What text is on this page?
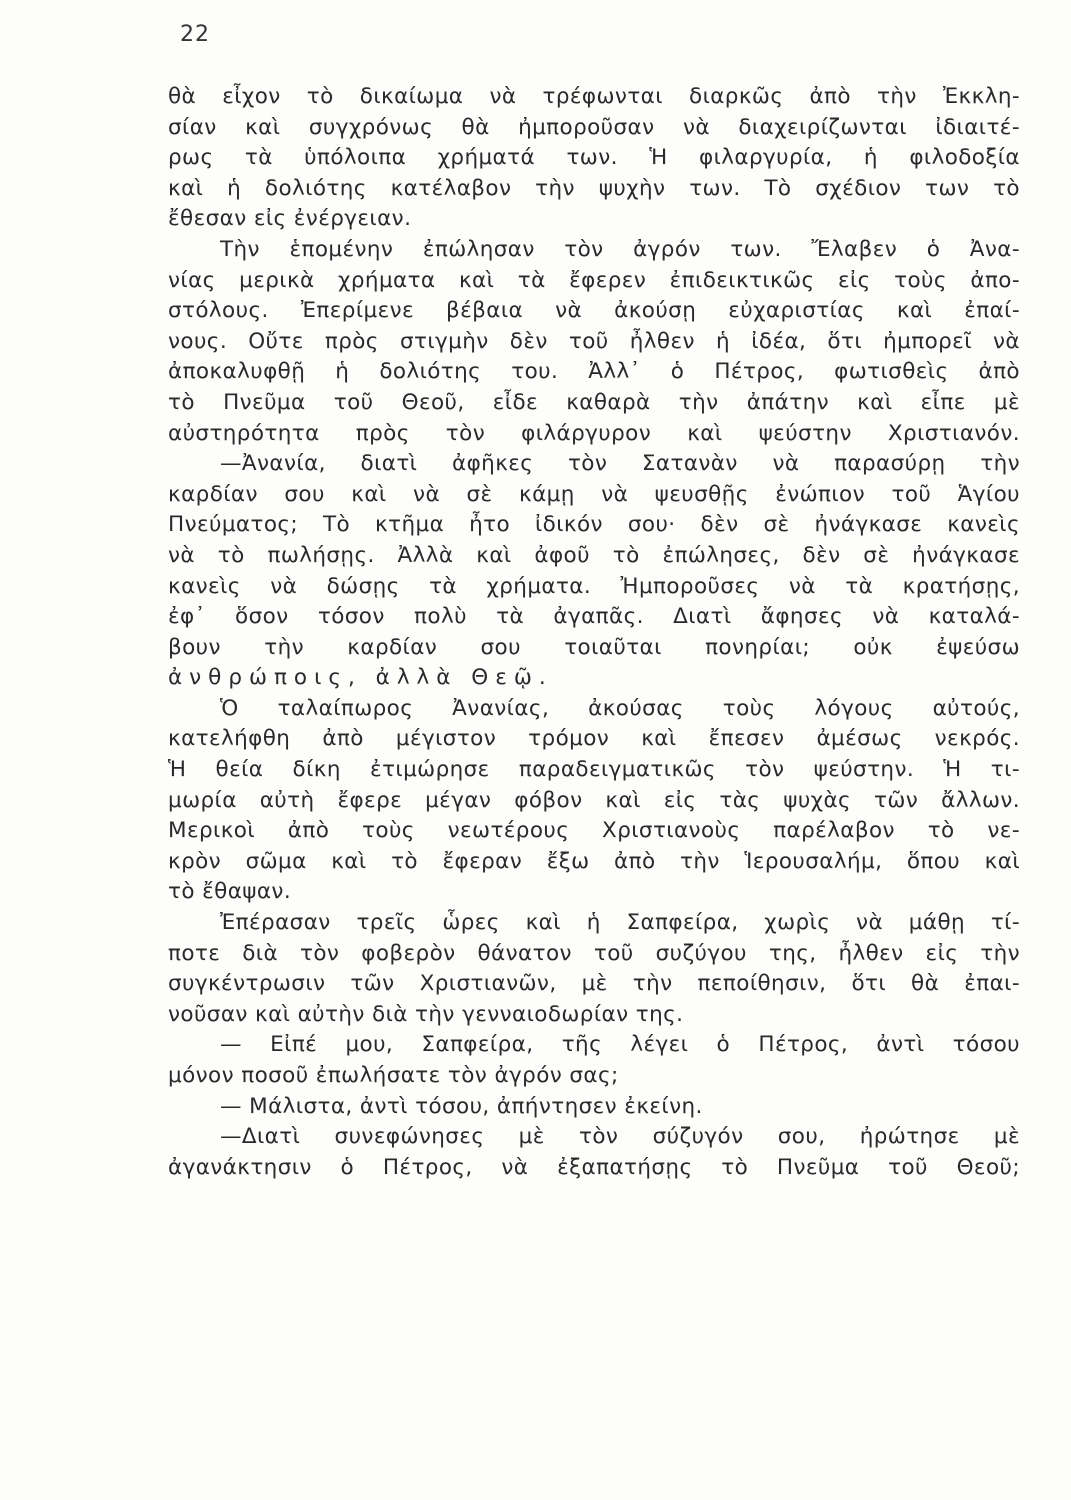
22
θὰ εἶχον τὸ δικαίωμα νὰ τρέφωνται διαρκῶς ἀπὸ τὴν Ἐκκλη-
σίαν καὶ συγχρόνως θὰ ἠμποροῦσαν νὰ διαχειρίζωνται ἰδιαιτέ-
ρως τὰ ὑπόλοιπα χρήματά των. Ἡ φιλαργυρία, ἡ φιλοδοξία
καὶ ἡ δολιότης κατέλαβον τὴν ψυχὴν των. Τὸ σχέδιον των τὸ
ἔθεσαν εἰς ἐνέργειαν.
Τὴν ἑπομένην ἐπώλησαν τὸν ἀγρόν των. Ἔλαβεν ὁ Ἀνα-
νίας μερικὰ χρήματα καὶ τὰ ἔφερεν ἐπιδεικτικῶς εἰς τοὺς ἀπο-
στόλους. Ἐπερίμενε βέβαια νὰ ἀκούσῃ εὐχαριστίας καὶ ἐπαί-
νους. Οὔτε πρὸς στιγμὴν δὲν τοῦ ἦλθεν ἡ ἰδέα, ὅτι ἠμπορεῖ νὰ
ἀποκαλυφθῇ ἡ δολιότης του. Ἀλλ᾽ ὁ Πέτρος, φωτισθεὶς ἀπὸ
τὸ Πνεῦμα τοῦ Θεοῦ, εἶδε καθαρὰ τὴν ἀπάτην καὶ εἶπε μὲ
αὐστηρότητα πρὸς τὸν φιλάργυρον καὶ ψεύστην Χριστιανόν.
—Ἀνανία, διατὶ ἀφῆκες τὸν Σατανὰν νὰ παρασύρῃ τὴν
καρδίαν σου καὶ νὰ σὲ κάμῃ νὰ ψευσθῇς ἐνώπιον τοῦ Ἁγίου
Πνεύματος; Τὸ κτῆμα ἦτο ἰδικόν σου· δὲν σὲ ἠνάγκασε κανεὶς
νὰ τὸ πωλήσῃς. Ἀλλὰ καὶ ἀφοῦ τὸ ἐπώλησες, δὲν σὲ ἠνάγκασε
κανεὶς νὰ δώσῃς τὰ χρήματα. Ἠμποροῦσες νὰ τὰ κρατήσῃς,
ἐφ᾽ ὅσον τόσον πολὺ τὰ ἀγαπᾶς. Διατὶ ἄφησες νὰ καταλά-
βουν τὴν καρδίαν σου τοιαῦται πονηρίαι; οὐκ ἐψεύσω
ἀνθρώποις, ἀλλὰ Θεῷ.
Ὁ ταλαίπωρος Ἀνανίας, ἀκούσας τοὺς λόγους αὐτούς,
κατελήφθη ἀπὸ μέγιστον τρόμον καὶ ἔπεσεν ἀμέσως νεκρός.
Ἡ θεία δίκη ἐτιμώρησε παραδειγματικῶς τὸν ψεύστην. Ἡ τι-
μωρία αὐτὴ ἔφερε μέγαν φόβον καὶ εἰς τὰς ψυχὰς τῶν ἄλλων.
Μερικοὶ ἀπὸ τοὺς νεωτέρους Χριστιανοὺς παρέλαβον τὸ νε-
κρὸν σῶμα καὶ τὸ ἔφεραν ἔξω ἀπὸ τὴν Ἱερουσαλήμ, ὅπου καὶ
τὸ ἔθαψαν.
Ἐπέρασαν τρεῖς ὧρες καὶ ἡ Σαπφείρα, χωρὶς νὰ μάθῃ τί-
ποτε διὰ τὸν φοβερὸν θάνατον τοῦ συζύγου της, ἦλθεν εἰς τὴν
συγκέντρωσιν τῶν Χριστιανῶν, μὲ τὴν πεποίθησιν, ὅτι θὰ ἐπαι-
νοῦσαν καὶ αὐτὴν διὰ τὴν γενναιοδωρίαν της.
— Εἰπέ μου, Σαπφείρα, τῆς λέγει ὁ Πέτρος, ἀντὶ τόσου
μόνον ποσοῦ ἐπωλήσατε τὸν ἀγρόν σας;
— Μάλιστα, ἀντὶ τόσου, ἀπήντησεν ἐκείνη.
—Διατὶ συνεφώνησες μὲ τὸν σύζυγόν σου, ἠρώτησε μὲ
ἀγανάκτησιν ὁ Πέτρος, νὰ ἐξαπατήσῃς τὸ Πνεῦμα τοῦ Θεοῦ;
